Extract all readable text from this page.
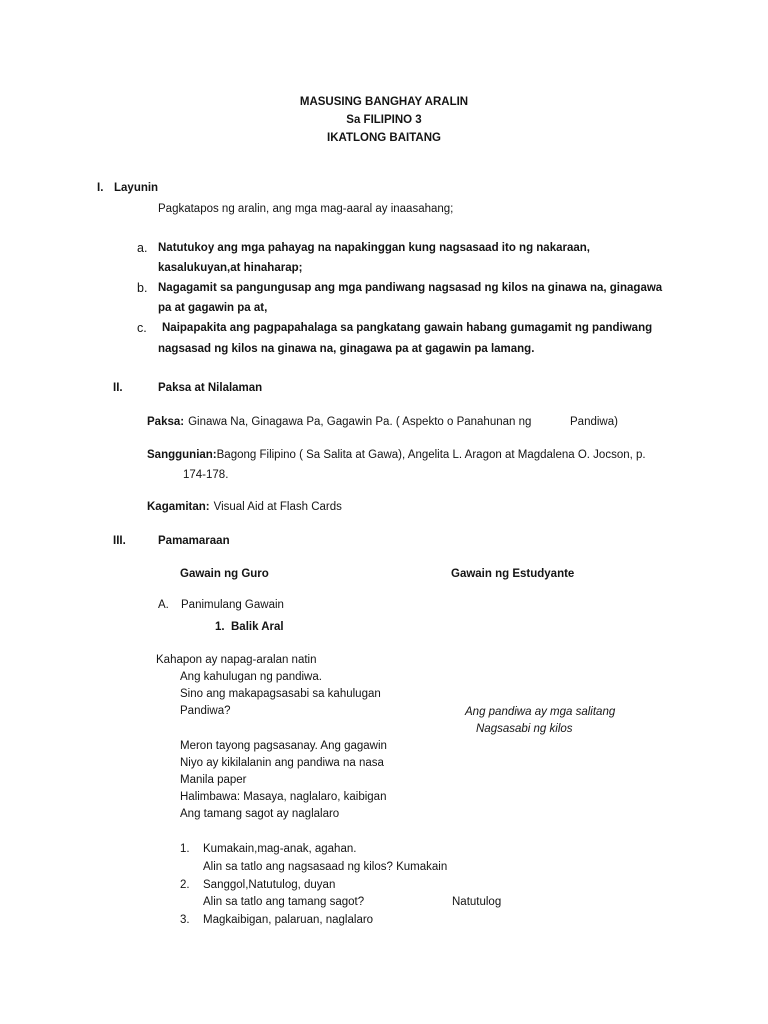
MASUSING BANGHAY ARALIN
Sa FILIPINO 3
IKATLONG BAITANG
I. Layunin
Pagkatapos ng aralin, ang mga mag-aaral ay inaasahang;
a. Natutukoy ang mga pahayag na napakinggan kung nagsasaad ito ng nakaraan,
kasalukuyan,at hinaharap;
b. Nagagamit sa pangungusap ang mga pandiwang nagsasad ng kilos na ginawa na, ginagawa
pa at gagawin pa at,
c. Naipapakita ang pagpapahalaga sa pangkatang gawain habang gumagamit ng pandiwang
nagsasad ng kilos na ginawa na, ginagawa pa at gagawin pa lamang.
II.	Paksa at Nilalaman
Paksa: Ginawa Na, Ginagawa Pa, Gagawin Pa. ( Aspekto o Panahunan ng	Pandiwa)
Sanggunian:Bagong Filipino ( Sa Salita at Gawa), Angelita L. Aragon at Magdalena O. Jocson, p.
174-178.
Kagamitan: Visual Aid at Flash Cards
III.	Pamamaraan
Gawain ng Guro	Gawain ng Estudyante
A. Panimulang Gawain
1. Balik Aral
Kahapon ay napag-aralan natin
Ang kahulugan ng pandiwa.
Sino ang makapagsasabi sa kahulugan
Pandiwa?	Ang pandiwa ay mga salitang
Nagsasabi ng kilos
Meron tayong pagsasanay. Ang gagawin
Niyo ay kikilalanin ang pandiwa na nasa
Manila paper
Halimbawa: Masaya, naglalaro, kaibigan
Ang tamang sagot ay naglalaro
1. Kumakain,mag-anak, agahan.
Alin sa tatlo ang nagsasaad ng kilos? Kumakain
2. Sanggol,Natutulog, duyan
Alin sa tatlo ang tamang sagot?	Natutulog
3. Magkaibigan, palaruan, naglalaro
